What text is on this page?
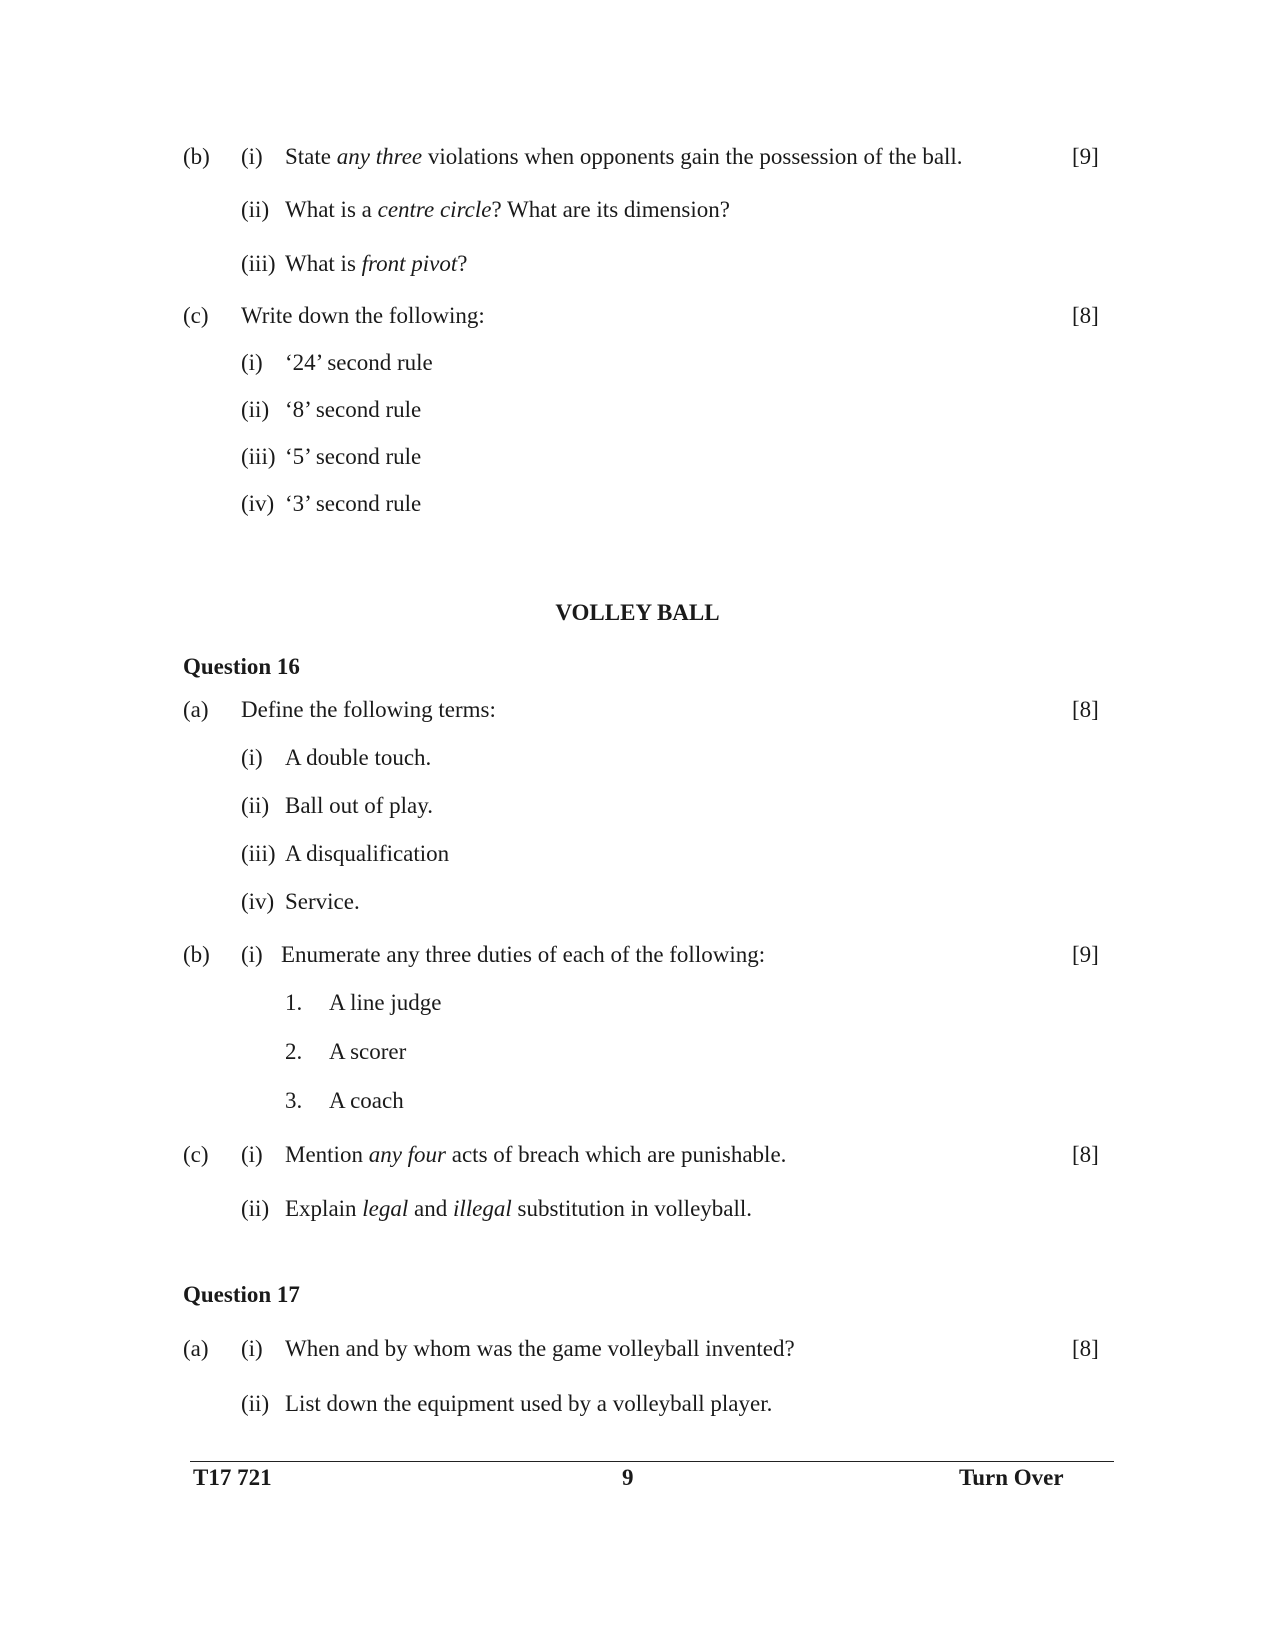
(b) (i) State any three violations when opponents gain the possession of the ball.	[9]
(ii) What is a centre circle? What are its dimension?
(iii) What is front pivot?
(c) Write down the following:	[8]
(i) ‘24’ second rule
(ii) ‘8’ second rule
(iii) ‘5’ second rule
(iv) ‘3’ second rule
VOLLEY BALL
Question 16
(a) Define the following terms:	[8]
(i) A double touch.
(ii) Ball out of play.
(iii) A disqualification
(iv) Service.
(b) (i) Enumerate any three duties of each of the following:	[9]
1. A line judge
2. A scorer
3. A coach
(c) (i) Mention any four acts of breach which are punishable.	[8]
(ii) Explain legal and illegal substitution in volleyball.
Question 17
(a) (i) When and by whom was the game volleyball invented?	[8]
(ii) List down the equipment used by a volleyball player.
T17 721	9	Turn Over
